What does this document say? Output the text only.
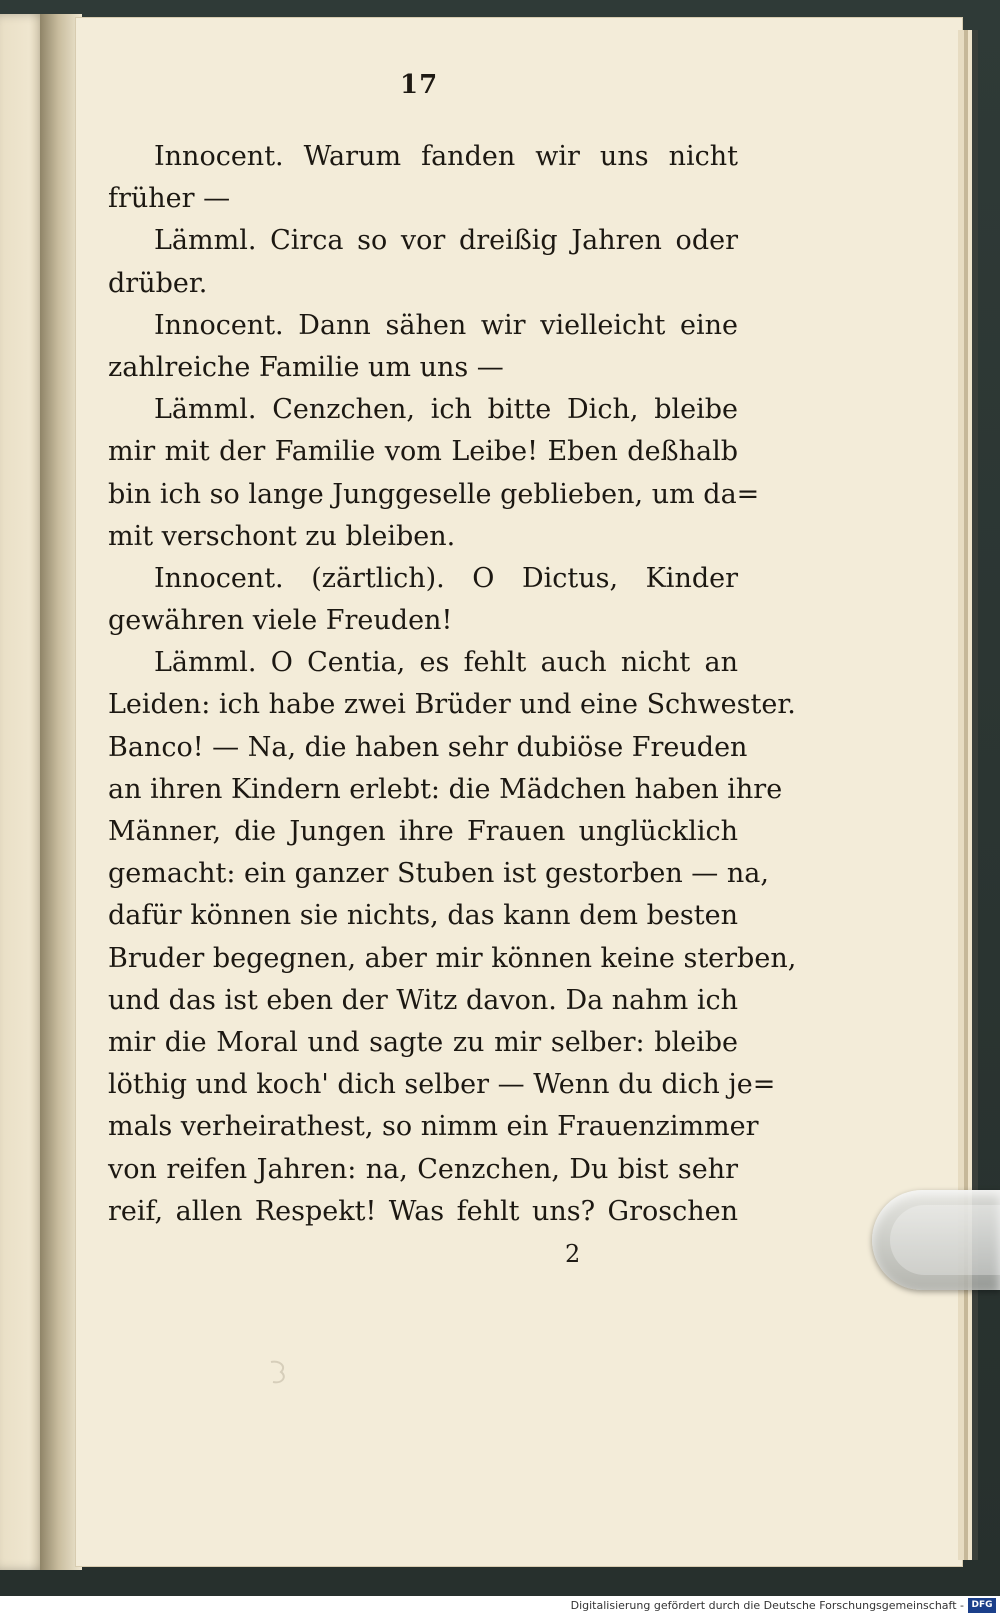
17
Innocent. Warum fanden wir uns nicht
früher —
Lämml. Circa so vor dreißig Jahren oder
drüber.
Innocent. Dann sähen wir vielleicht eine
zahlreiche Familie um uns —
Lämml. Cenzchen, ich bitte Dich, bleibe
mir mit der Familie vom Leibe! Eben deßhalb
bin ich so lange Junggeselle geblieben, um da=
mit verschont zu bleiben.
Innocent. (zärtlich). O Dictus, Kinder
gewähren viele Freuden!
Lämml. O Centia, es fehlt auch nicht an
Leiden: ich habe zwei Brüder und eine Schwester.
Banco! — Na, die haben sehr dubiöse Freuden
an ihren Kindern erlebt: die Mädchen haben ihre
Männer, die Jungen ihre Frauen unglücklich
gemacht: ein ganzer Stuben ist gestorben — na,
dafür können sie nichts, das kann dem besten
Bruder begegnen, aber mir können keine sterben,
und das ist eben der Witz davon. Da nahm ich
mir die Moral und sagte zu mir selber: bleibe
löthig und koch' dich selber — Wenn du dich je=
mals verheirathest, so nimm ein Frauenzimmer
von reifen Jahren: na, Cenzchen, Du bist sehr
reif, allen Respekt! Was fehlt uns? Groschen
2
Digitalisierung gefördert durch die Deutsche Forschungsgemeinschaft - DFG
